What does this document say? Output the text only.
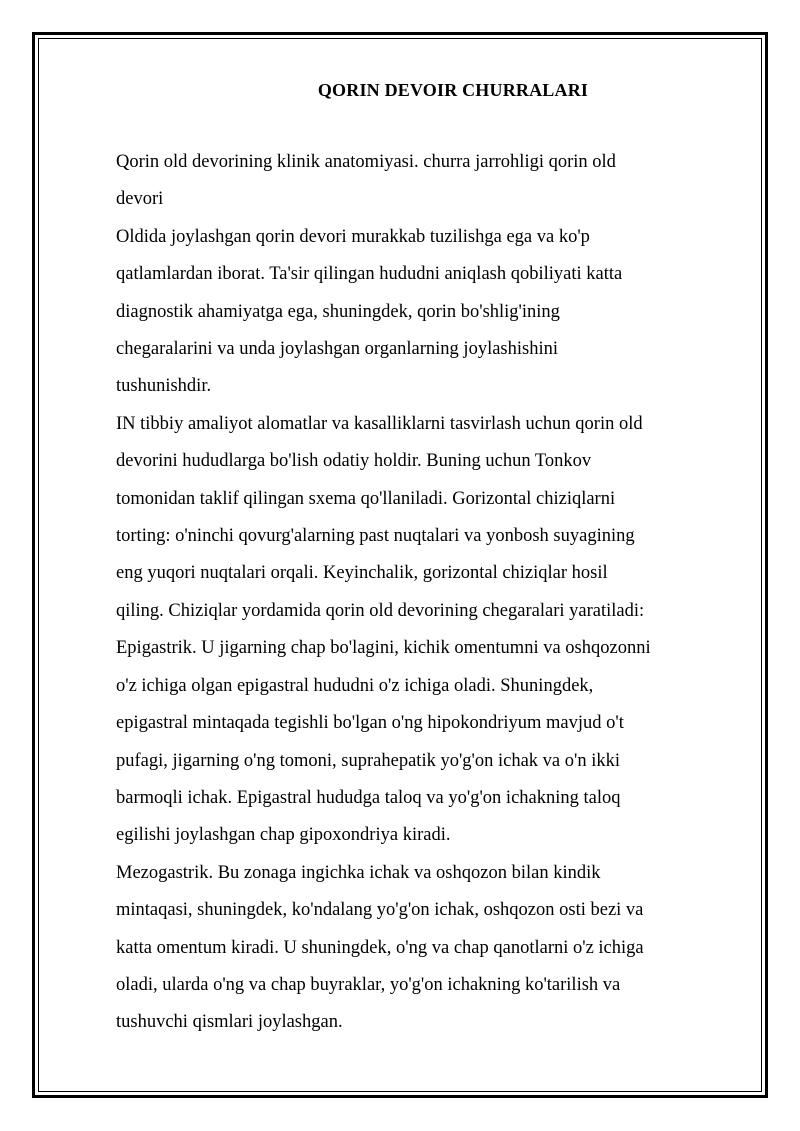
QORIN DEVOIR CHURRALARI

Qorin old devorining klinik anatomiyasi. churra jarrohligi qorin old
devori

Oldida joylashgan qorin devori murakkab tuzilishga ega va ko'p
qatlamlardan iborat. Ta'sir qilingan hududni aniqlash qobiliyati katta
diagnostik ahamiyatga ega, shuningdek, qorin bo'shlig'ining
chegaralarini va unda joylashgan organlarning joylashishini
tushunishdir.

IN tibbiy amaliyot alomatlar va kasalliklarni tasvirlash uchun qorin old
devorini hududlarga bo'lish odatiy holdir. Buning uchun Tonkov
tomonidan taklif qilingan sxema qo'llaniladi. Gorizontal chiziqlarni
torting: o'ninchi qovurg'alarning past nuqtalari va yonbosh suyagining
eng yuqori nuqtalari orqali. Keyinchalik, gorizontal chiziqlar hosil
qiling. Chiziqlar yordamida qorin old devorining chegaralari yaratiladi:

Epigastrik. U jigarning chap bo'lagini, kichik omentumni va oshqozonni
o'z ichiga olgan epigastral hududni o'z ichiga oladi. Shuningdek,
epigastral mintaqada tegishli bo'lgan o'ng hipokondriyum mavjud o't
pufagi, jigarning o'ng tomoni, suprahepatik yo'g'on ichak va o'n ikki
barmoqli ichak. Epigastral hududga taloq va yo'g'on ichakning taloq
egilishi joylashgan chap gipoxondriya kiradi.

Mezogastrik. Bu zonaga ingichka ichak va oshqozon bilan kindik
mintaqasi, shuningdek, ko'ndalang yo'g'on ichak, oshqozon osti bezi va
katta omentum kiradi. U shuningdek, o'ng va chap qanotlarni o'z ichiga
oladi, ularda o'ng va chap buyraklar, yo'g'on ichakning ko'tarilish va
tushuvchi qismlari joylashgan.
